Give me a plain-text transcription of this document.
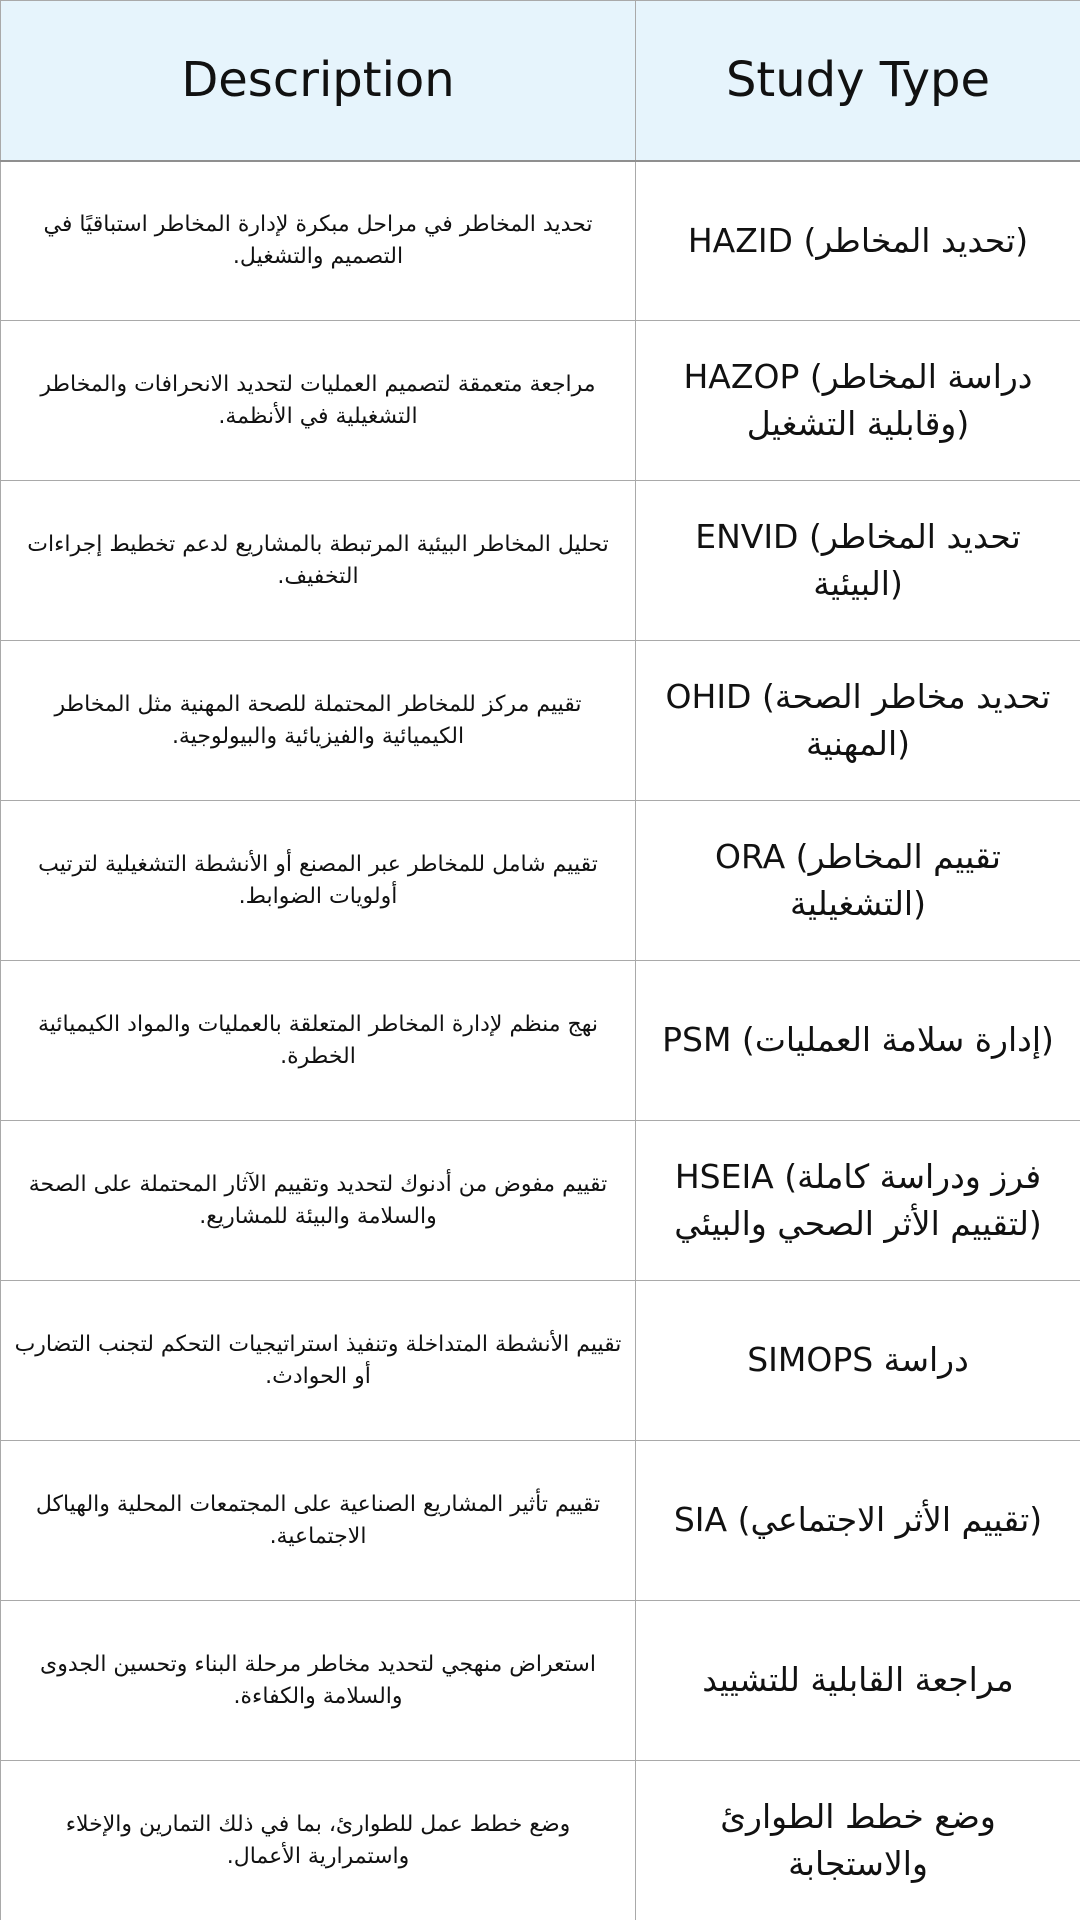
Description	Study Type
تحديد المخاطر في مراحل مبكرة لإدارة المخاطر استباقيًا في التصميم والتشغيل.	HAZID (تحديد المخاطر)
مراجعة متعمقة لتصميم العمليات لتحديد الانحرافات والمخاطر التشغيلية في الأنظمة.	HAZOP (دراسة المخاطر وقابلية التشغيل)
تحليل المخاطر البيئية المرتبطة بالمشاريع لدعم تخطيط إجراءات التخفيف.	ENVID (تحديد المخاطر البيئية)
تقييم مركز للمخاطر المحتملة للصحة المهنية مثل المخاطر الكيميائية والفيزيائية والبيولوجية.	OHID (تحديد مخاطر الصحة المهنية)
تقييم شامل للمخاطر عبر المصنع أو الأنشطة التشغيلية لترتيب أولويات الضوابط.	ORA (تقييم المخاطر التشغيلية)
نهج منظم لإدارة المخاطر المتعلقة بالعمليات والمواد الكيميائية الخطرة.	PSM (إدارة سلامة العمليات)
تقييم مفوض من أدنوك لتحديد وتقييم الآثار المحتملة على الصحة والسلامة والبيئة للمشاريع.	HSEIA (فرز ودراسة كاملة لتقييم الأثر الصحي والبيئي)
تقييم الأنشطة المتداخلة وتنفيذ استراتيجيات التحكم لتجنب التضارب أو الحوادث.	دراسة SIMOPS
تقييم تأثير المشاريع الصناعية على المجتمعات المحلية والهياكل الاجتماعية.	SIA (تقييم الأثر الاجتماعي)
استعراض منهجي لتحديد مخاطر مرحلة البناء وتحسين الجدوى والسلامة والكفاءة.	مراجعة القابلية للتشييد
وضع خطط عمل للطوارئ، بما في ذلك التمارين والإخلاء واستمرارية الأعمال.	وضع خطط الطوارئ والاستجابة
